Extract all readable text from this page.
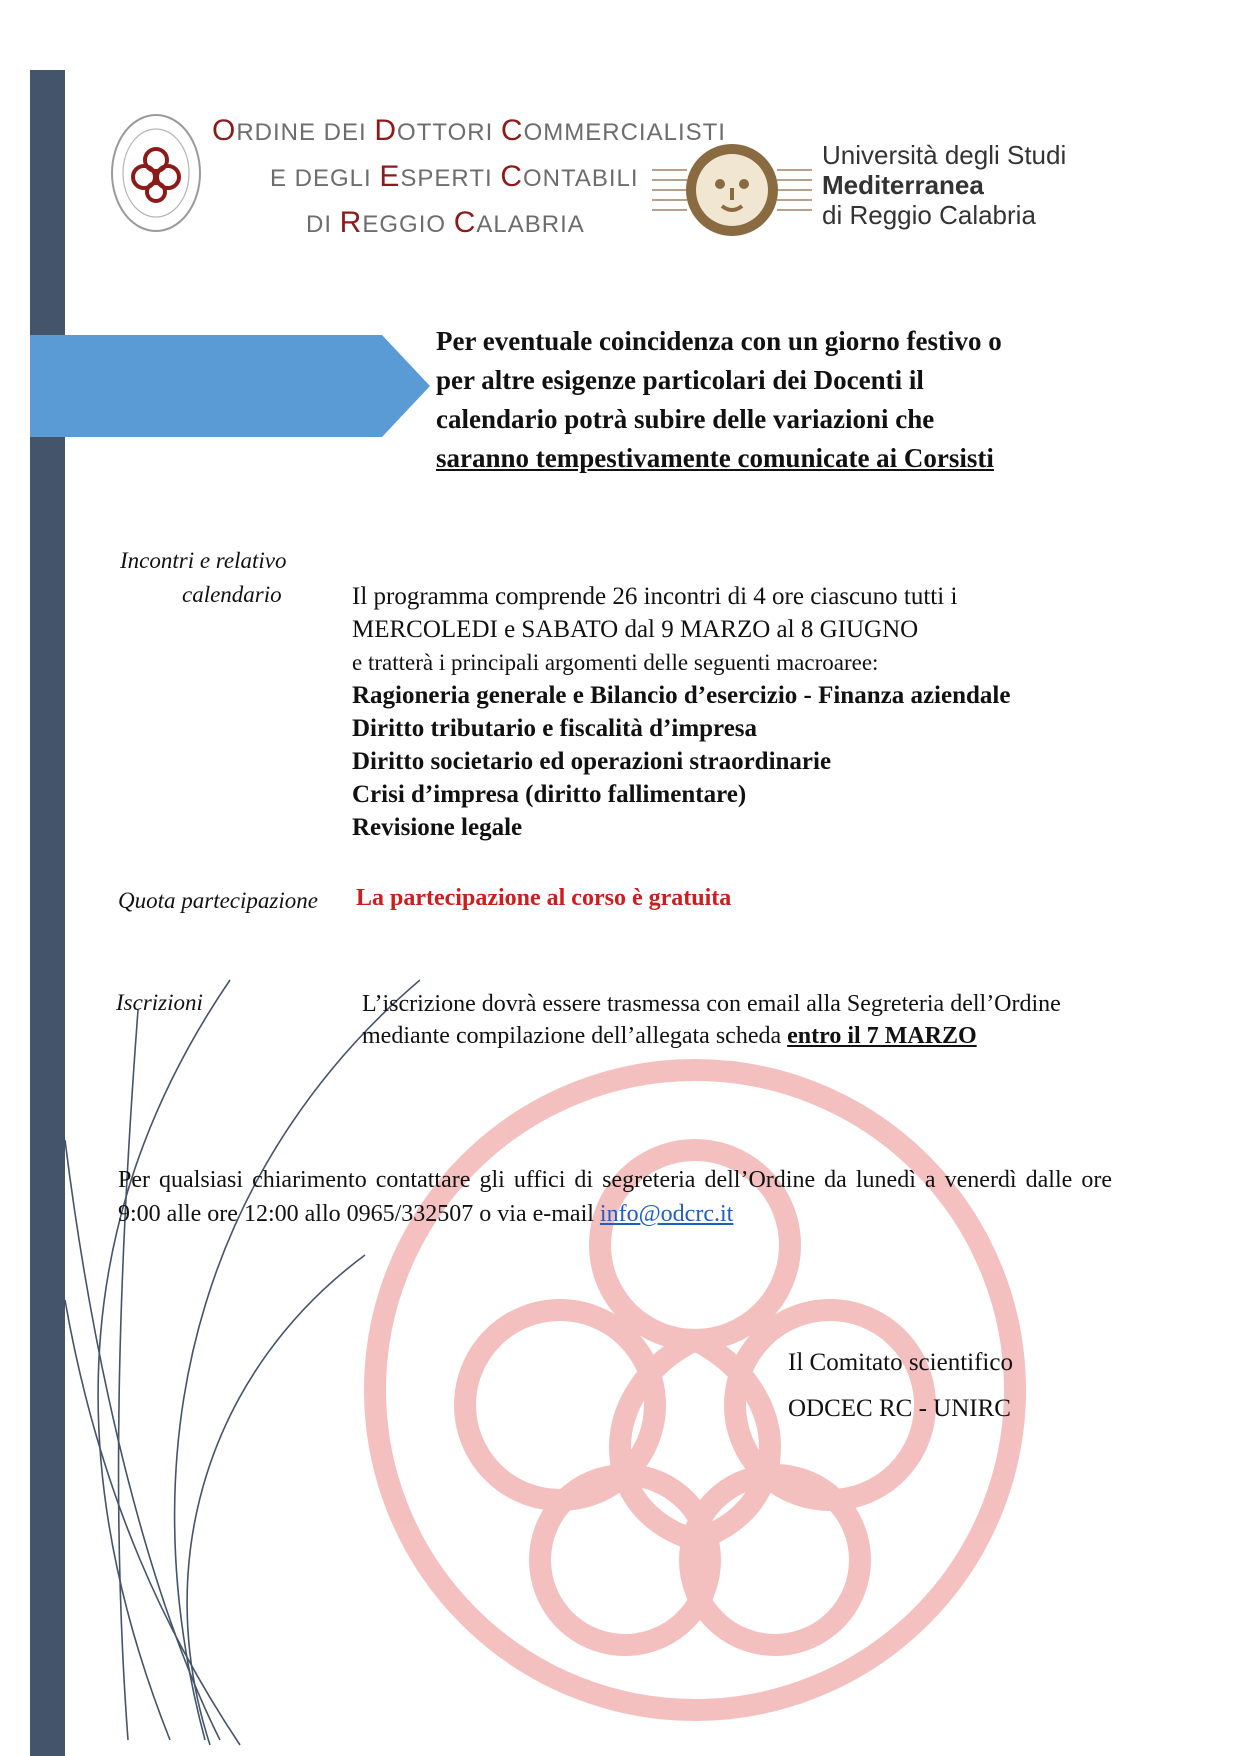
ORDINE DEI DOTTORI COMMERCIALISTI
E DEGLI ESPERTI CONTABILI
DI REGGIO CALABRIA
Università degli Studi
Mediterranea
di Reggio Calabria
Per eventuale coincidenza con un giorno festivo o
per altre esigenze particolari dei Docenti il
calendario potrà subire delle variazioni che
saranno tempestivamente comunicate ai Corsisti
Incontri e relativo
calendario	Il programma comprende 26 incontri di 4 ore ciascuno tutti i
MERCOLEDI e SABATO dal 9 MARZO al 8 GIUGNO
e tratterà i principali argomenti delle seguenti macroaree:
Ragioneria generale e Bilancio d’esercizio - Finanza aziendale
Diritto tributario e fiscalità d’impresa
Diritto societario ed operazioni straordinarie
Crisi d’impresa (diritto fallimentare)
Revisione legale
Quota partecipazione La partecipazione al corso è gratuita
Iscrizioni	L’iscrizione dovrà essere trasmessa con email alla Segreteria dell’Ordine mediante compilazione dell’allegata scheda entro il 7 MARZO
Per qualsiasi chiarimento contattare gli uffici di segreteria dell’Ordine da lunedì a venerdì dalle ore 9:00 alle ore 12:00 allo 0965/332507 o via e-mail info@odcrc.it
Il Comitato scientifico
ODCEC RC - UNIRC
